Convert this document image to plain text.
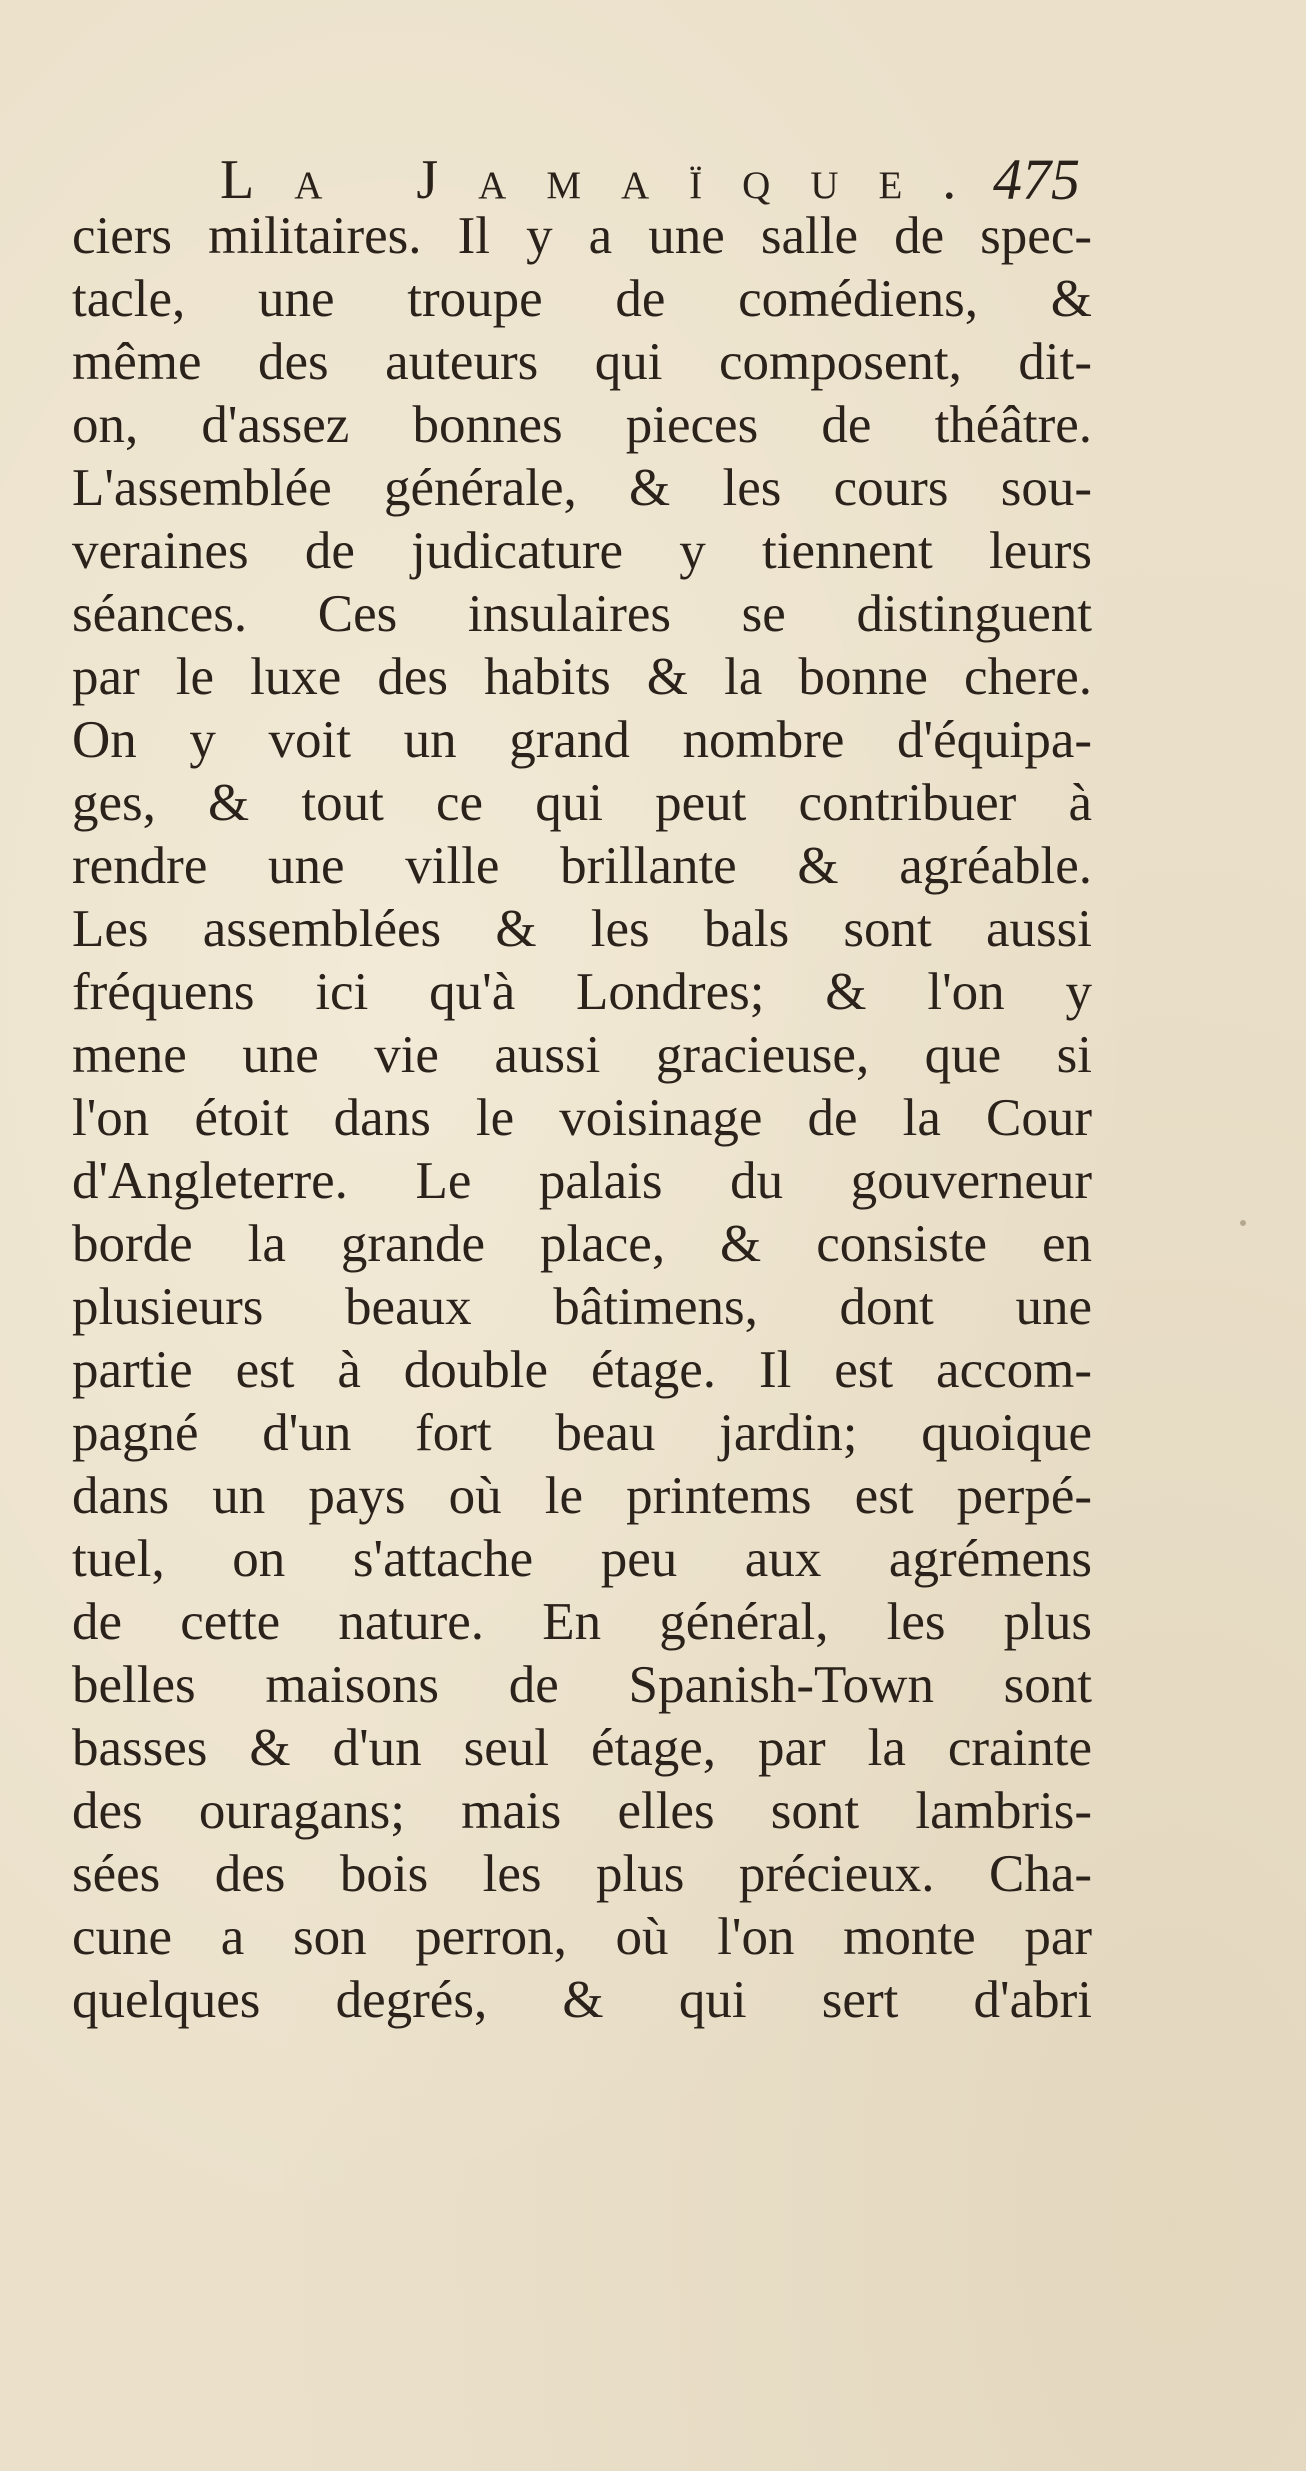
La Jamaïque.
475
ciers militaires. Il y a une salle de spec-
tacle, une troupe de comédiens, &
même des auteurs qui composent, dit-
on, d'assez bonnes pieces de théâtre.
L'assemblée générale, & les cours sou-
veraines de judicature y tiennent leurs
séances. Ces insulaires se distinguent
par le luxe des habits & la bonne chere.
On y voit un grand nombre d'équipa-
ges, & tout ce qui peut contribuer à
rendre une ville brillante & agréable.
Les assemblées & les bals sont aussi
fréquens ici qu'à Londres; & l'on y
mene une vie aussi gracieuse, que si
l'on étoit dans le voisinage de la Cour
d'Angleterre. Le palais du gouverneur
borde la grande place, & consiste en
plusieurs beaux bâtimens, dont une
partie est à double étage. Il est accom-
pagné d'un fort beau jardin; quoique
dans un pays où le printems est perpé-
tuel, on s'attache peu aux agrémens
de cette nature. En général, les plus
belles maisons de Spanish-Town sont
basses & d'un seul étage, par la crainte
des ouragans; mais elles sont lambris-
sées des bois les plus précieux. Cha-
cune a son perron, où l'on monte par
quelques degrés, & qui sert d'abri
